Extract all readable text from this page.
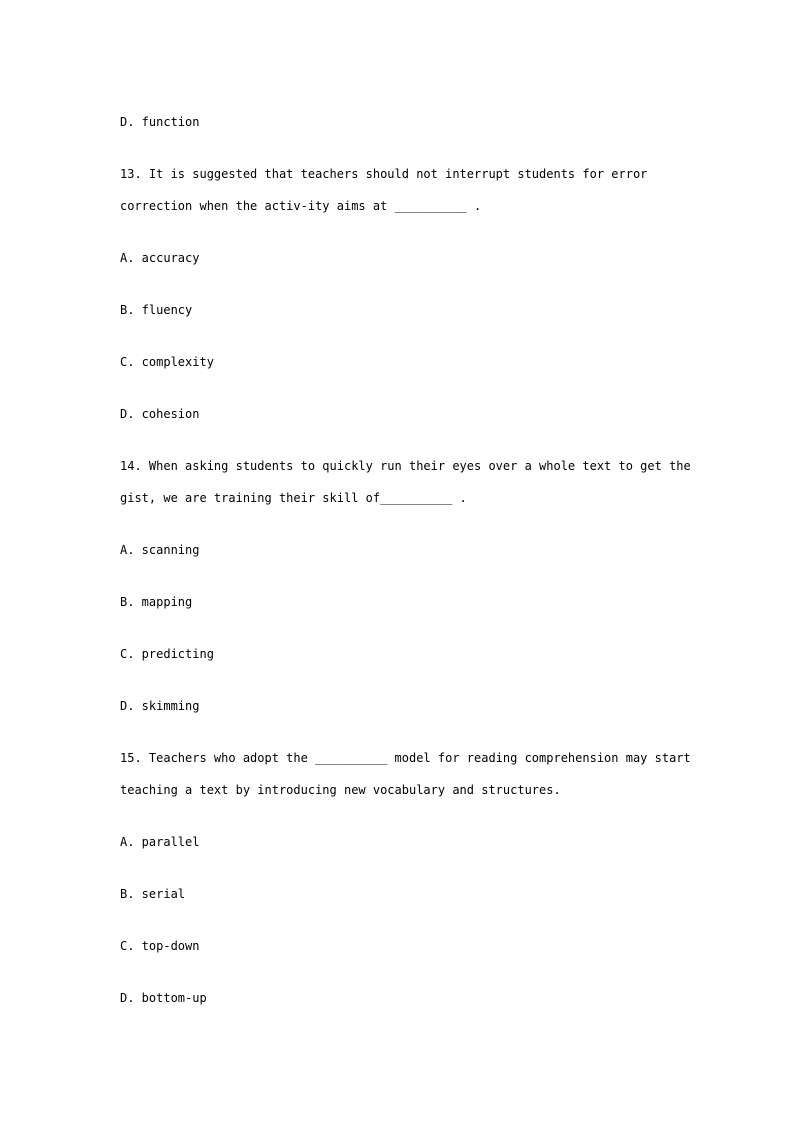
D. function

13. It is suggested that teachers should not interrupt students for error

correction when the activ-ity aims at __________ .

A. accuracy

B. fluency

C. complexity

D. cohesion

14. When asking students to quickly run their eyes over a whole text to get the

gist, we are training their skill of__________ .

A. scanning

B. mapping

C. predicting

D. skimming

15. Teachers who adopt the __________ model for reading comprehension may start

teaching a text by introducing new vocabulary and structures.

A. parallel

B. serial

C. top-down

D. bottom-up
